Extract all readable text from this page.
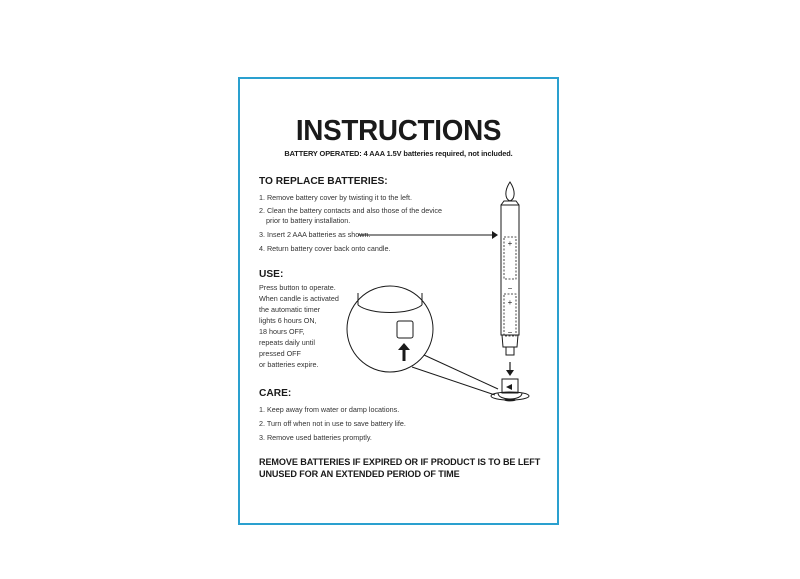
INSTRUCTIONS
BATTERY OPERATED: 4 AAA 1.5V batteries required, not included.
TO REPLACE BATTERIES:
1. Remove battery cover by twisting it to the left.
2. Clean the battery contacts and also those of the device
prior to battery installation.
3. Insert 2 AAA batteries as shown.
4. Return battery cover back onto candle.
USE:
Press button to operate.
When candle is activated
the automatic timer
lights 6 hours ON,
18 hours OFF,
repeats daily until
pressed OFF
or batteries expire.
CARE:
1. Keep away from water or damp locations.
2. Turn off when not in use to save battery life.
3. Remove used batteries promptly.
REMOVE BATTERIES IF EXPIRED OR IF PRODUCT IS TO BE LEFT
UNUSED FOR AN EXTENDED PERIOD OF TIME
+
−
+
−
